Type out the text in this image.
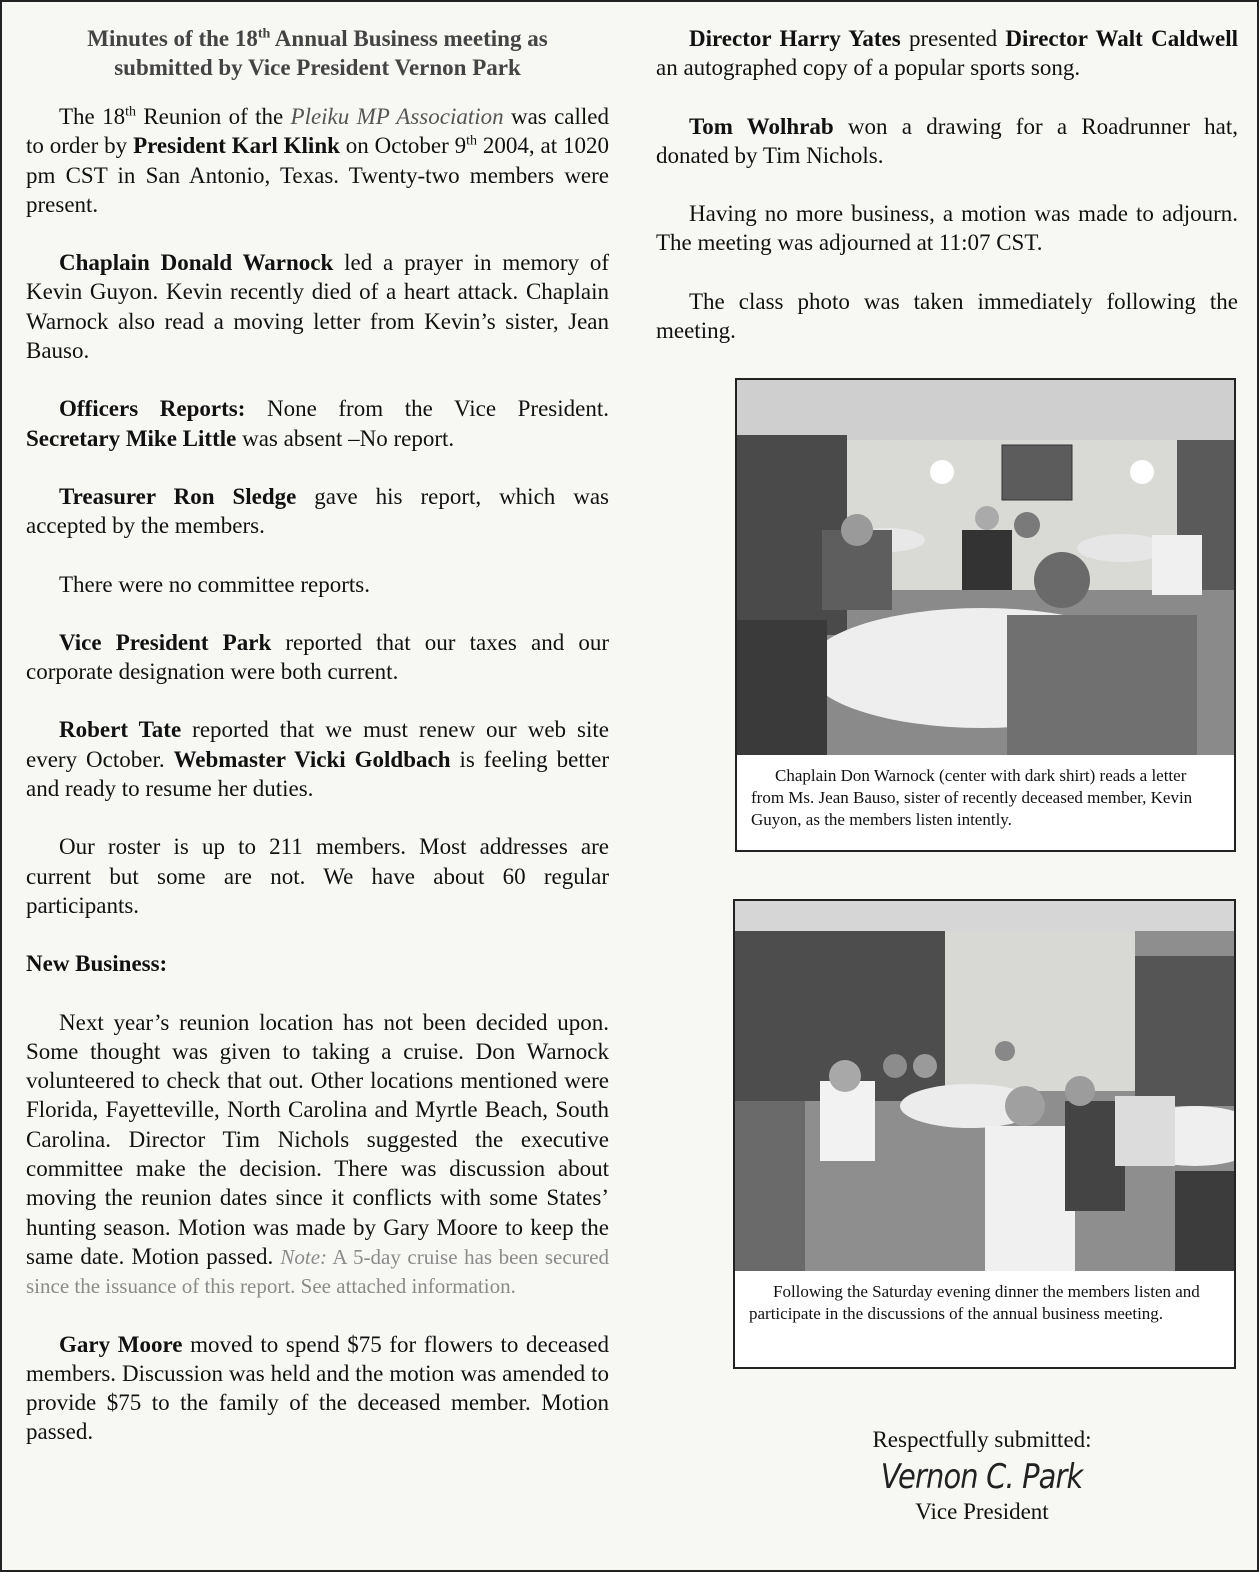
Minutes of the 18th Annual Business meeting as
submitted by Vice President Vernon Park

The 18th Reunion of the Pleiku MP Association was called to order by President Karl Klink on October 9th 2004, at 1020 pm CST in San Antonio, Texas. Twenty-two members were present.

Chaplain Donald Warnock led a prayer in memory of Kevin Guyon. Kevin recently died of a heart attack. Chaplain Warnock also read a moving letter from Kevin’s sister, Jean Bauso.

Officers Reports: None from the Vice President. Secretary Mike Little was absent –No report.

Treasurer Ron Sledge gave his report, which was accepted by the members.

There were no committee reports.

Vice President Park reported that our taxes and our corporate designation were both current.

Robert Tate reported that we must renew our web site every October. Webmaster Vicki Goldbach is feeling better and ready to resume her duties.

Our roster is up to 211 members. Most addresses are current but some are not. We have about 60 regular participants.

New Business:

Next year’s reunion location has not been decided upon. Some thought was given to taking a cruise. Don Warnock volunteered to check that out. Other locations mentioned were Florida, Fayetteville, North Carolina and Myrtle Beach, South Carolina. Director Tim Nichols suggested the executive committee make the decision. There was discussion about moving the reunion dates since it conflicts with some States’ hunting season. Motion was made by Gary Moore to keep the same date. Motion passed. Note: A 5-day cruise has been secured since the issuance of this report. See attached information.

Gary Moore moved to spend $75 for flowers to deceased members. Discussion was held and the motion was amended to provide $75 to the family of the deceased member. Motion passed.

Director Harry Yates presented Director Walt Caldwell an autographed copy of a popular sports song.

Tom Wolhrab won a drawing for a Roadrunner hat, donated by Tim Nichols.

Having no more business, a motion was made to adjourn. The meeting was adjourned at 11:07 CST.

The class photo was taken immediately following the meeting.

Chaplain Don Warnock (center with dark shirt) reads a letter from Ms. Jean Bauso, sister of recently deceased member, Kevin Guyon, as the members listen intently.
Following the Saturday evening dinner the members listen and participate in the discussions of the annual business meeting.
Respectfully submitted:
Vernon C. Park
Vice President
